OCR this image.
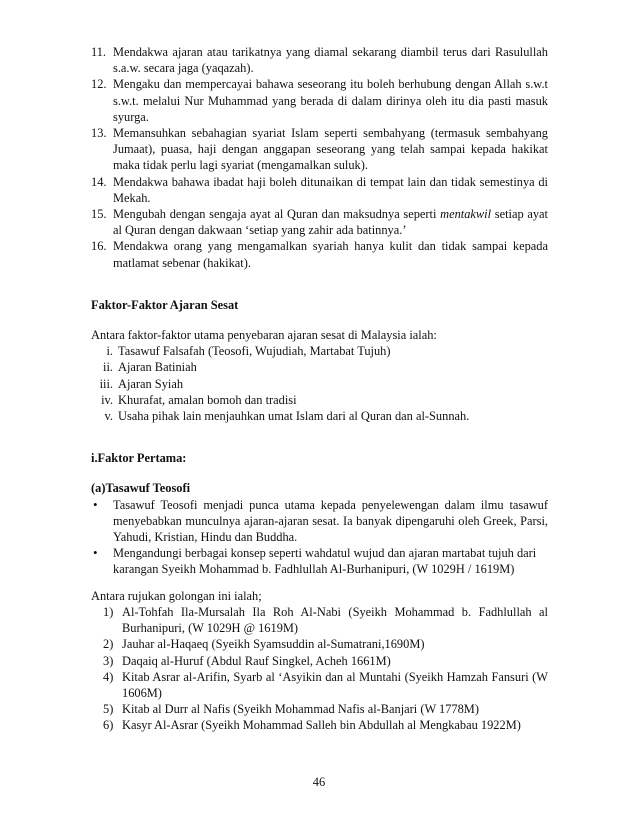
11. Mendakwa ajaran atau tarikatnya yang diamal sekarang diambil terus dari Rasulullah s.a.w. secara jaga (yaqazah).
12. Mengaku dan mempercayai bahawa seseorang itu boleh berhubung dengan Allah s.w.t s.w.t. melalui Nur Muhammad yang berada di dalam dirinya oleh itu dia pasti masuk syurga.
13. Memansuhkan sebahagian syariat Islam seperti sembahyang (termasuk sembahyang Jumaat), puasa, haji dengan anggapan seseorang yang telah sampai kepada hakikat maka tidak perlu lagi syariat (mengamalkan suluk).
14. Mendakwa bahawa ibadat haji boleh ditunaikan di tempat lain dan tidak semestinya di Mekah.
15. Mengubah dengan sengaja ayat al Quran dan maksudnya seperti mentakwil setiap ayat al Quran dengan dakwaan ‘setiap yang zahir ada batinnya.’
16. Mendakwa orang yang mengamalkan syariah hanya kulit dan tidak sampai kepada matlamat sebenar (hakikat).
Faktor-Faktor Ajaran Sesat
Antara faktor-faktor utama penyebaran ajaran sesat di Malaysia ialah:
i. Tasawuf Falsafah (Teosofi, Wujudiah, Martabat Tujuh)
ii. Ajaran Batiniah
iii. Ajaran Syiah
iv. Khurafat, amalan bomoh dan tradisi
v. Usaha pihak lain menjauhkan umat Islam dari al Quran dan al-Sunnah.
i.Faktor Pertama:
(a)Tasawuf Teosofi
• Tasawuf Teosofi menjadi punca utama kepada penyelewengan dalam ilmu tasawuf menyebabkan munculnya ajaran-ajaran sesat. Ia banyak dipengaruhi oleh Greek, Parsi, Yahudi, Kristian, Hindu dan Buddha.
• Mengandungi berbagai konsep seperti wahdatul wujud dan ajaran martabat tujuh dari karangan Syeikh Mohammad b. Fadhlullah Al-Burhanipuri, (W 1029H / 1619M)
Antara rujukan golongan ini ialah;
1) Al-Tohfah Ila-Mursalah Ila Roh Al-Nabi (Syeikh Mohammad b. Fadhlullah al Burhanipuri, (W 1029H @ 1619M)
2) Jauhar al-Haqaeq (Syeikh Syamsuddin al-Sumatrani,1690M)
3) Daqaiq al-Huruf (Abdul Rauf Singkel, Acheh 1661M)
4) Kitab Asrar al-Arifin, Syarb al ‘Asyikin dan al Muntahi (Syeikh Hamzah Fansuri (W 1606M)
5) Kitab al Durr al Nafis (Syeikh Mohammad Nafis al-Banjari (W 1778M)
6) Kasyr Al-Asrar (Syeikh Mohammad Salleh bin Abdullah al Mengkabau 1922M)
46
